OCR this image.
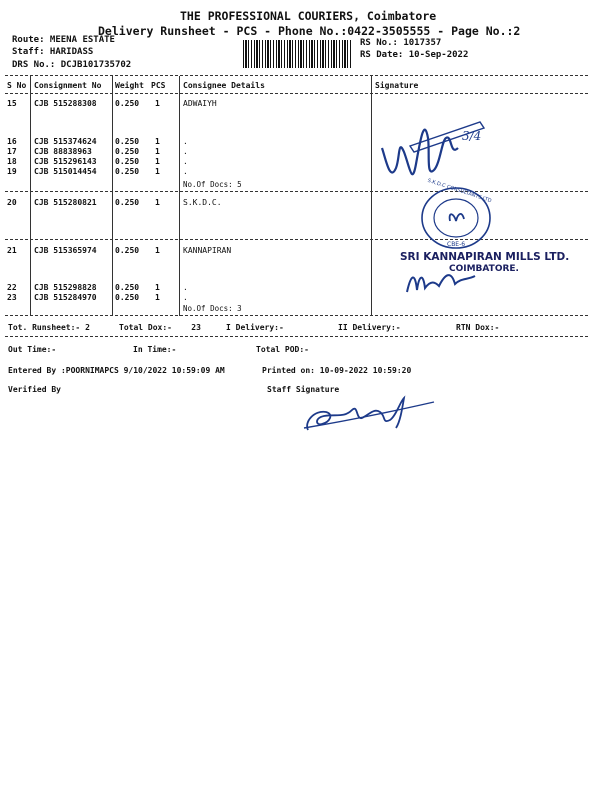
THE PROFESSIONAL COURIERS, Coimbatore
Delivery Runsheet - PCS - Phone No.:0422-3505555 - Page No.:2
Route: MEENA ESTATE
Staff: HARIDASS
DRS No.: DCJB101735702
RS No.: 1017357
RS Date: 10-Sep-2022
S No Consignment No Weight PCS Consignee Details	Signature
15 CJB 515288308 0.250 1	ADWAIYH
16 CJB 515374624 0.250 1	.
17 CJB 88838963	0.250 1	.
18 CJB 515296143 0.250 1	.
19 CJB 515014454 0.250 1	.
No.Of Docs: 5
20 CJB 515280821 0.250 1	S.K.D.C.
21 CJB 515365974 0.250 1	KANNAPIRAN
22 CJB 515298828 0.250 1	.
23 CJB 515284970 0.250 1	.
No.Of Docs: 3
3/4
S.K.D.C CONSULTANTS LTD
CBE-6
SRI KANNAPIRAN MILLS LTD.
COIMBATORE.
Tot. Runsheet:- 2	Total Dox:-    23	I Delivery:-	II Delivery:-	RTN Dox:-
Out Time:-	In Time:-	Total POD:-
Entered By :POORNIMAPCS 9/10/2022 10:59:09 AM	Printed on: 10-09-2022 10:59:20
Verified By	Staff Signature
